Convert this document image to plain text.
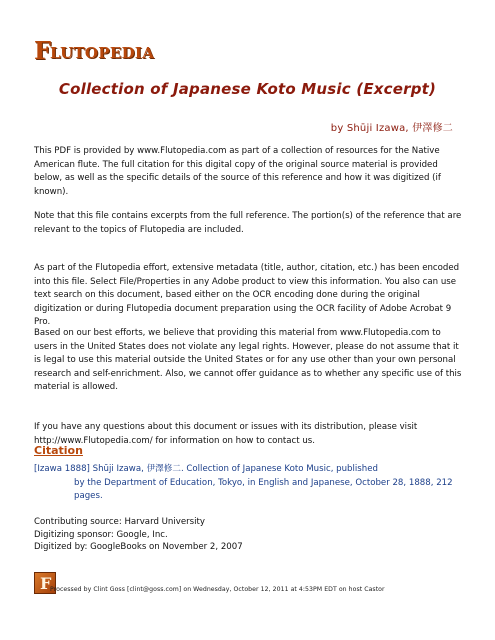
F LUTOPEDIA
Collection of Japanese Koto Music (Excerpt)
by Shūji Izawa, 伊澤修二

This PDF is provided by www.Flutopedia.com as part of a collection of resources for the Native American flute. The full citation for this digital copy of the original source material is provided below, as well as the specific details of the source of this reference and how it was digitized (if known).

Note that this file contains excerpts from the full reference. The portion(s) of the reference that are relevant to the topics of Flutopedia are included.

As part of the Flutopedia effort, extensive metadata (title, author, citation, etc.) has been encoded into this file. Select File/Properties in any Adobe product to view this information. You also can use text search on this document, based either on the OCR encoding done during the original digitization or during Flutopedia document preparation using the OCR facility of Adobe Acrobat 9 Pro.

Based on our best efforts, we believe that providing this material from www.Flutopedia.com to users in the United States does not violate any legal rights. However, please do not assume that it is legal to use this material outside the United States or for any use other than your own personal research and self-enrichment. Also, we cannot offer guidance as to whether any specific use of this material is allowed.

If you have any questions about this document or issues with its distribution, please visit http://www.Flutopedia.com/ for information on how to contact us.

Citation

[Izawa 1888] Shūji Izawa, 伊澤修二. Collection of Japanese Koto Music, published
by the Department of Education, Tokyo, in English and Japanese, October 28, 1888, 212 pages.

Contributing source: Harvard University
Digitizing sponsor: Google, Inc.
Digitized by: GoogleBooks on November 2, 2007
F
Processed by Clint Goss [clint@goss.com] on Wednesday, October 12, 2011 at 4:53PM EDT on host Castor
